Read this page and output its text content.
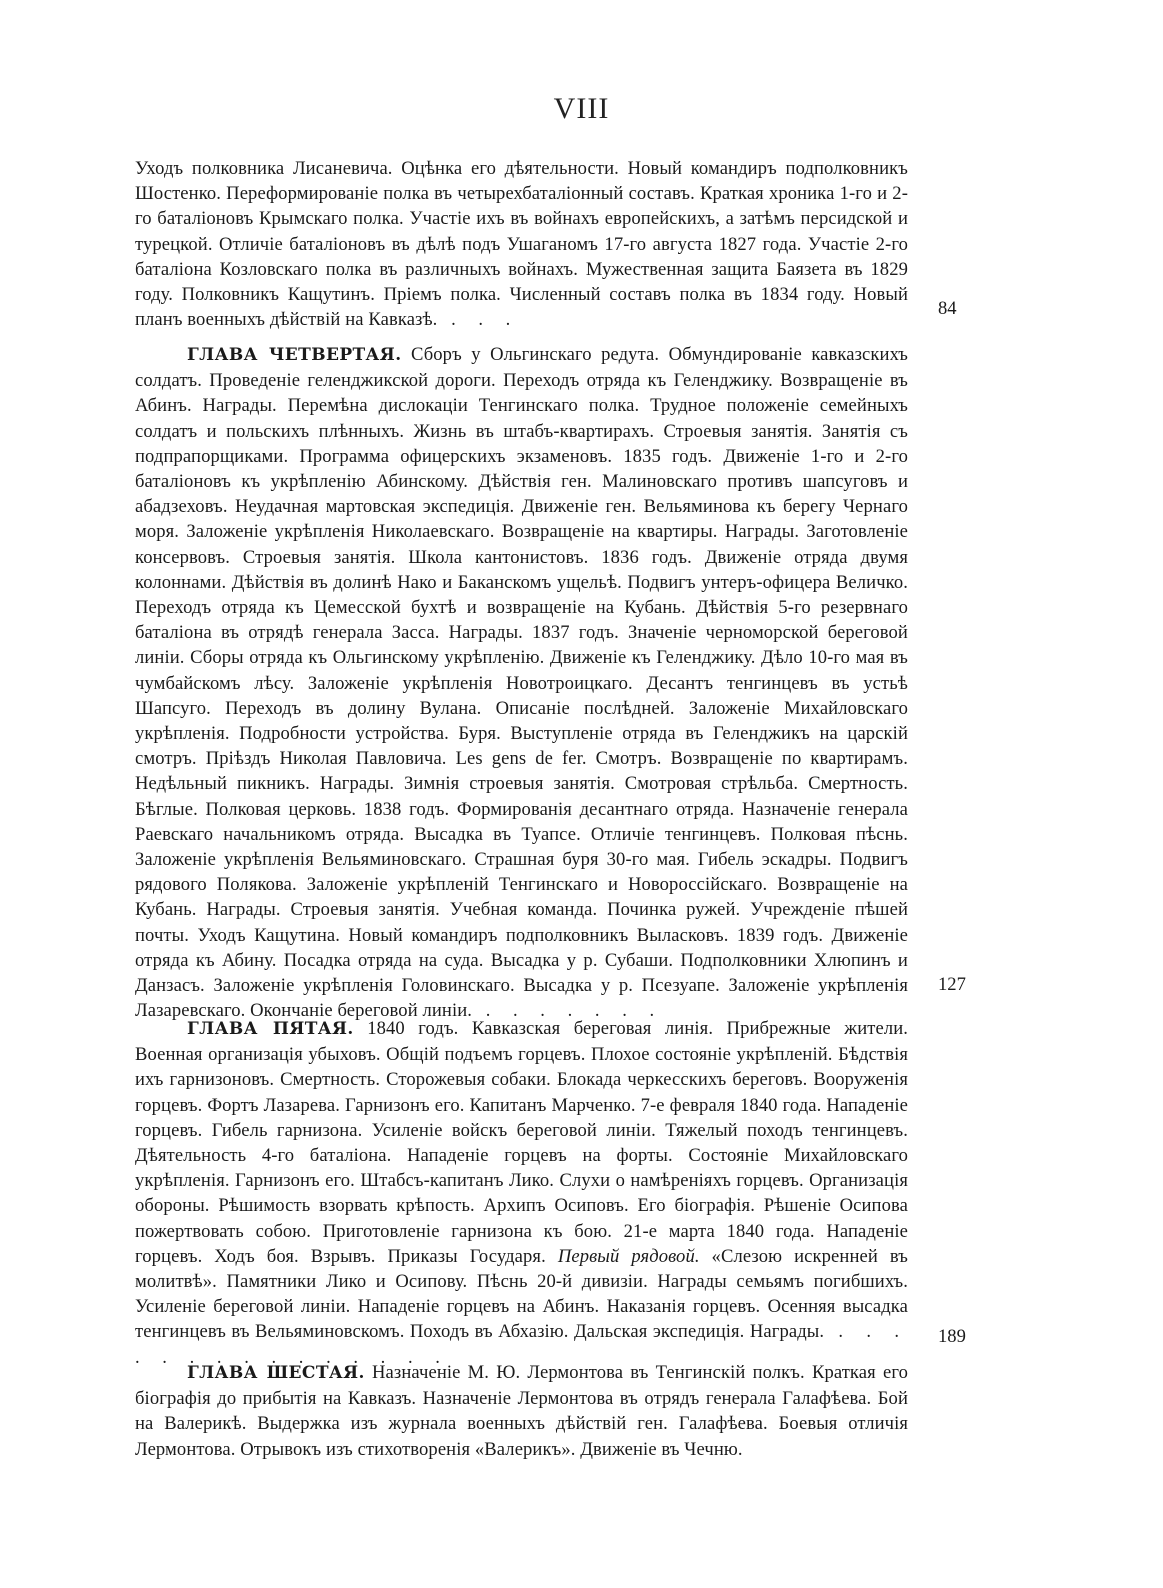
VIII

Уходъ полковника Лисаневича. Оцѣнка его дѣятельности. Новый командиръ подполковникъ Шостенко. Переформированіе полка въ четырехбаталіонный составъ. Краткая хроника 1-го и 2-го баталіоновъ Крымскаго полка. Участіе ихъ въ войнахъ европейскихъ, а затѣмъ персидской и турецкой. Отличіе баталіоновъ въ дѣлѣ подъ Ушаганомъ 17-го августа 1827 года. Участіе 2-го баталіона Козловскаго полка въ различныхъ войнахъ. Мужественная защита Баязета въ 1829 году. Полковникъ Кащутинъ. Пріемъ полка. Численный составъ полка въ 1834 году. Новый планъ военныхъ дѣйствій на Кавказѣ. . . .

84

ГЛАВА ЧЕТВЕРТАЯ. Сборъ у Ольгинскаго редута. Обмундированіе кавказскихъ солдатъ. Проведеніе геленджикской дороги. Переходъ отряда къ Геленджику. Возвращеніе въ Абинъ. Награды. Перемѣна дислокаціи Тенгинскаго полка. Трудное положеніе семейныхъ солдатъ и польскихъ плѣнныхъ. Жизнь въ штабъ-квартирахъ. Строевыя занятія. Занятія съ подпрапорщиками. Программа офицерскихъ экзаменовъ. 1835 годъ. Движеніе 1-го и 2-го баталіоновъ къ укрѣпленію Абинскому. Дѣйствія ген. Малиновскаго противъ шапсуговъ и абадзеховъ. Неудачная мартовская экспедиція. Движеніе ген. Вельяминова къ берегу Чернаго моря. Заложеніе укрѣпленія Николаевскаго. Возвращеніе на квартиры. Награды. Заготовленіе консервовъ. Строевыя занятія. Школа кантонистовъ. 1836 годъ. Движеніе отряда двумя колоннами. Дѣйствія въ долинѣ Нако и Баканскомъ ущельѣ. Подвигъ унтеръ-офицера Величко. Переходъ отряда къ Цемесской бухтѣ и возвращеніе на Кубань. Дѣйствія 5-го резервнаго баталіона въ отрядѣ генерала Засса. Награды. 1837 годъ. Значеніе черноморской береговой линіи. Сборы отряда къ Ольгинскому укрѣпленію. Движеніе къ Геленджику. Дѣло 10-го мая въ чумбайскомъ лѣсу. Заложеніе укрѣпленія Новотроицкаго. Десантъ тенгинцевъ въ устьѣ Шапсуго. Переходъ въ долину Вулана. Описаніе послѣдней. Заложеніе Михайловскаго укрѣпленія. Подробности устройства. Буря. Выступленіе отряда въ Геленджикъ на царскій смотръ. Пріѣздъ Николая Павловича. Les gens de fer. Смотръ. Возвращеніе по квартирамъ. Недѣльный пикникъ. Награды. Зимнія строевыя занятія. Смотровая стрѣльба. Смертность. Бѣглые. Полковая церковь. 1838 годъ. Формированія десантнаго отряда. Назначеніе генерала Раевскаго начальникомъ отряда. Высадка въ Туапсе. Отличіе тенгинцевъ. Полковая пѣснь. Заложеніе укрѣпленія Вельяминовскаго. Страшная буря 30-го мая. Гибель эскадры. Подвигъ рядового Полякова. Заложеніе укрѣпленій Тенгинскаго и Новороссійскаго. Возвращеніе на Кубань. Награды. Строевыя занятія. Учебная команда. Починка ружей. Учрежденіе пѣшей почты. Уходъ Кащутина. Новый командиръ подполковникъ Выласковъ. 1839 годъ. Движеніе отряда къ Абину. Посадка отряда на суда. Высадка у р. Субаши. Подполковники Хлюпинъ и Данзасъ. Заложеніе укрѣпленія Головинскаго. Высадка у р. Псезуапе. Заложеніе укрѣпленія Лазаревскаго. Окончаніе береговой линіи. . . . . . . .

127

ГЛАВА ПЯТАЯ. 1840 годъ. Кавказская береговая линія. Прибрежные жители. Военная организація убыховъ. Общій подъемъ горцевъ. Плохое состояніе укрѣпленій. Бѣдствія ихъ гарнизоновъ. Смертность. Сторожевыя собаки. Блокада черкесскихъ береговъ. Вооруженія горцевъ. Фортъ Лазарева. Гарнизонъ его. Капитанъ Марченко. 7-е февраля 1840 года. Нападеніе горцевъ. Гибель гарнизона. Усиленіе войскъ береговой линіи. Тяжелый походъ тенгинцевъ. Дѣятельность 4-го баталіона. Нападеніе горцевъ на форты. Состояніе Михайловскаго укрѣпленія. Гарнизонъ его. Штабсъ-капитанъ Лико. Слухи о намѣреніяхъ горцевъ. Организація обороны. Рѣшимость взорвать крѣпость. Архипъ Осиповъ. Его біографія. Рѣшеніе Осипова пожертвовать собою. Приготовленіе гарнизона къ бою. 21-е марта 1840 года. Нападеніе горцевъ. Ходъ боя. Взрывъ. Приказы Государя. Первый рядовой. «Слезою искренней въ молитвѣ». Памятники Лико и Осипову. Пѣснь 20-й дивизіи. Награды семьямъ погибшихъ. Усиленіе береговой линіи. Нападеніе горцевъ на Абинъ. Наказанія горцевъ. Осенняя высадка тенгинцевъ въ Вельяминовскомъ. Походъ въ Абхазію. Дальская экспедиція. Награды. . . . . . . . . . . . . . . .

189

ГЛАВА ШЕСТАЯ. Назначеніе М. Ю. Лермонтова въ Тенгинскій полкъ. Краткая его біографія до прибытія на Кавказъ. Назначеніе Лермонтова въ отрядъ генерала Галафѣева. Бой на Валерикѣ. Выдержка изъ журнала военныхъ дѣйствій ген. Галафѣева. Боевыя отличія Лермонтова. Отрывокъ изъ стихотворенія «Валерикъ». Движеніе въ Чечню.
